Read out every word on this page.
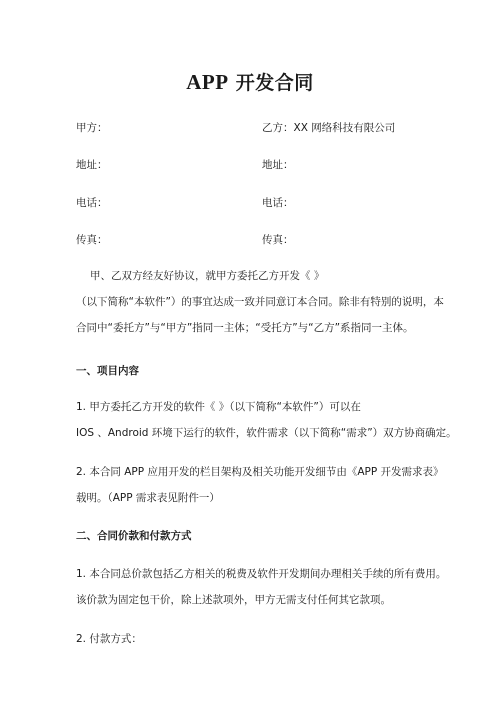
APP 开发合同
甲方：	乙方：XX 网络科技有限公司
地址：	地址：
电话：	电话：
传真：	传真：
甲、乙双方经友好协议，就甲方委托乙方开发《 》
（以下简称“本软件”）的事宜达成一致并同意订本合同。除非有特别的说明，本
合同中“委托方”与“甲方”指同一主体；“受托方”与“乙方”系指同一主体。
一、项目内容
1. 甲方委托乙方开发的软件《 》（以下简称“本软件”）可以在
IOS 、Android 环境下运行的软件，软件需求（以下简称“需求”）双方协商确定。
2. 本合同 APP 应用开发的栏目架构及相关功能开发细节由《APP 开发需求表》
载明。（APP 需求表见附件一）
二、合同价款和付款方式
1. 本合同总价款包括乙方相关的税费及软件开发期间办理相关手续的所有费用。
该价款为固定包干价，除上述款项外，甲方无需支付任何其它款项。
2. 付款方式：
